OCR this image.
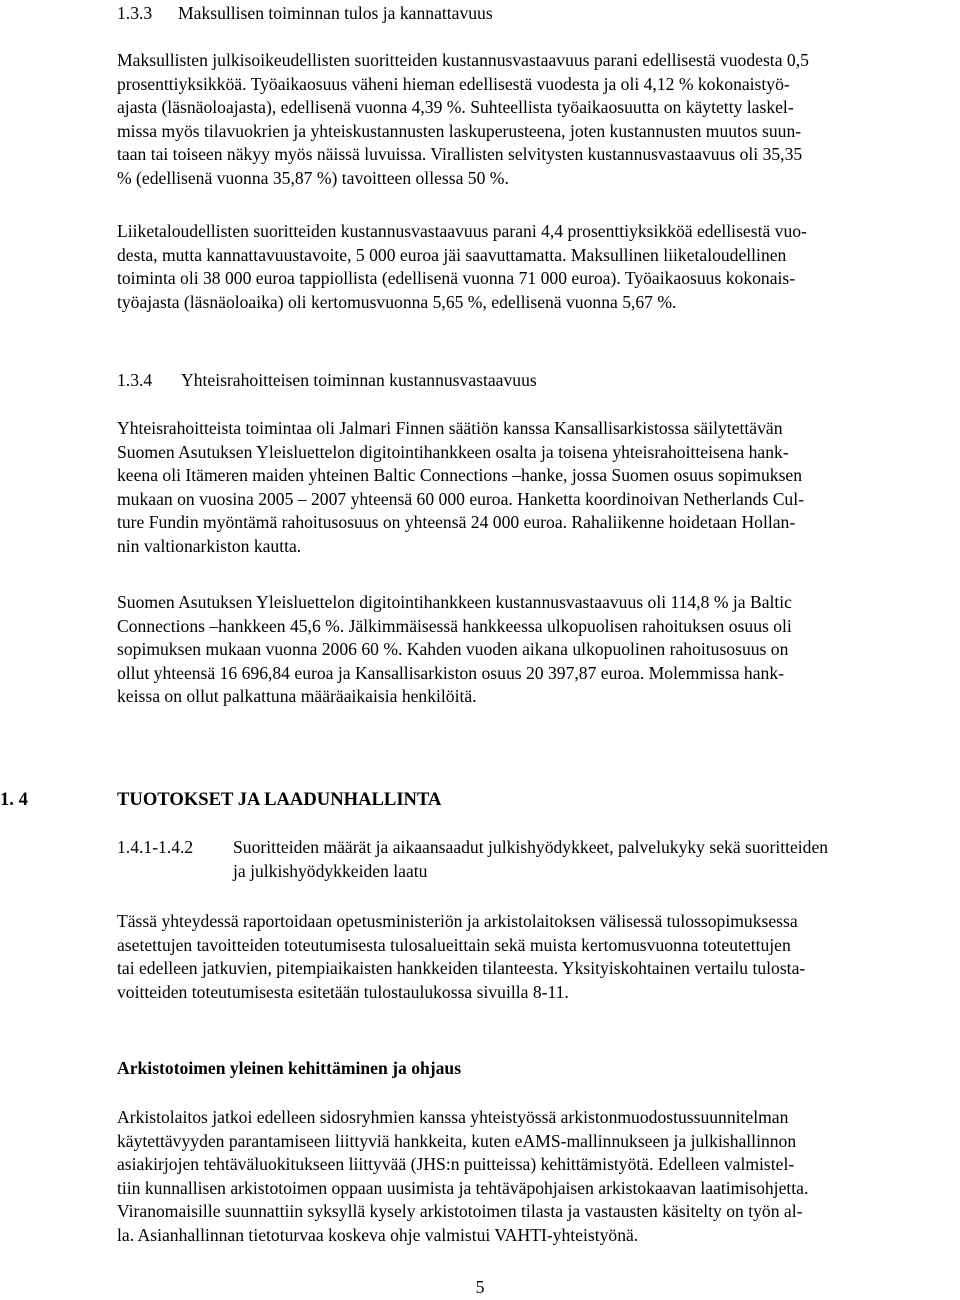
1.3.3 Maksullisen toiminnan tulos ja kannattavuus
Maksullisten julkisoikeudellisten suoritteiden kustannusvastaavuus parani edellisestä vuodesta 0,5
prosenttiyksikköä. Työaikaosuus väheni hieman edellisestä vuodesta ja oli 4,12 % kokonaistyö-
ajasta (läsnäoloajasta), edellisenä vuonna 4,39 %. Suhteellista työaikaosuutta on käytetty laskel-
missa myös tilavuokrien ja yhteiskustannusten laskuperusteena, joten kustannusten muutos suun-
taan tai toiseen näkyy myös näissä luvuissa. Virallisten selvitysten kustannusvastaavuus oli 35,35
% (edellisenä vuonna 35,87 %) tavoitteen ollessa 50 %.
Liiketaloudellisten suoritteiden kustannusvastaavuus parani 4,4 prosenttiyksikköä edellisestä vuo-
desta, mutta kannattavuustavoite, 5 000 euroa jäi saavuttamatta. Maksullinen liiketaloudellinen
toiminta oli 38 000 euroa tappiollista (edellisenä vuonna 71 000 euroa). Työaikaosuus kokonais-
työajasta (läsnäoloaika) oli kertomusvuonna 5,65 %, edellisenä vuonna 5,67 %.
1.3.4 Yhteisrahoitteisen toiminnan kustannusvastaavuus
Yhteisrahoitteista toimintaa oli Jalmari Finnen säätiön kanssa Kansallisarkistossa säilytettävän
Suomen Asutuksen Yleisluettelon digitointihankkeen osalta ja toisena yhteisrahoitteisena hank-
keena oli Itämeren maiden yhteinen Baltic Connections –hanke, jossa Suomen osuus sopimuksen
mukaan on vuosina 2005 – 2007 yhteensä 60 000 euroa. Hanketta koordinoivan Netherlands Cul-
ture Fundin myöntämä rahoitusosuus on yhteensä 24 000 euroa. Rahaliikenne hoidetaan Hollan-
nin valtionarkiston kautta.
Suomen Asutuksen Yleisluettelon digitointihankkeen kustannusvastaavuus oli 114,8 % ja Baltic
Connections –hankkeen 45,6 %. Jälkimmäisessä hankkeessa ulkopuolisen rahoituksen osuus oli
sopimuksen mukaan vuonna 2006 60 %. Kahden vuoden aikana ulkopuolinen rahoitusosuus on
ollut yhteensä 16 696,84 euroa ja Kansallisarkiston osuus 20 397,87 euroa. Molemmissa hank-
keissa on ollut palkattuna määräaikaisia henkilöitä.
1. 4	TUOTOKSET JA LAADUNHALLINTA
1.4.1-1.4.2 Suoritteiden määrät ja aikaansaadut julkishyödykkeet, palvelukyky sekä suoritteiden
ja julkishyödykkeiden laatu
Tässä yhteydessä raportoidaan opetusministeriön ja arkistolaitoksen välisessä tulossopimuksessa
asetettujen tavoitteiden toteutumisesta tulosalueittain sekä muista kertomusvuonna toteutettujen
tai edelleen jatkuvien, pitempiaikaisten hankkeiden tilanteesta. Yksityiskohtainen vertailu tulosta-
voitteiden toteutumisesta esitetään tulostaulukossa sivuilla 8-11.
Arkistotoimen yleinen kehittäminen ja ohjaus
Arkistolaitos jatkoi edelleen sidosryhmien kanssa yhteistyössä arkistonmuodostussuunnitelman
käytettävyyden parantamiseen liittyviä hankkeita, kuten eAMS-mallinnukseen ja julkishallinnon
asiakirjojen tehtäväluokitukseen liittyvää (JHS:n puitteissa) kehittämistyötä. Edelleen valmistel-
tiin kunnallisen arkistotoimen oppaan uusimista ja tehtäväpohjaisen arkistokaavan laatimisohjetta.
Viranomaisille suunnattiin syksyllä kysely arkistotoimen tilasta ja vastausten käsitelty on työn al-
la. Asianhallinnan tietoturvaa koskeva ohje valmistui VAHTI-yhteistyönä.
5
